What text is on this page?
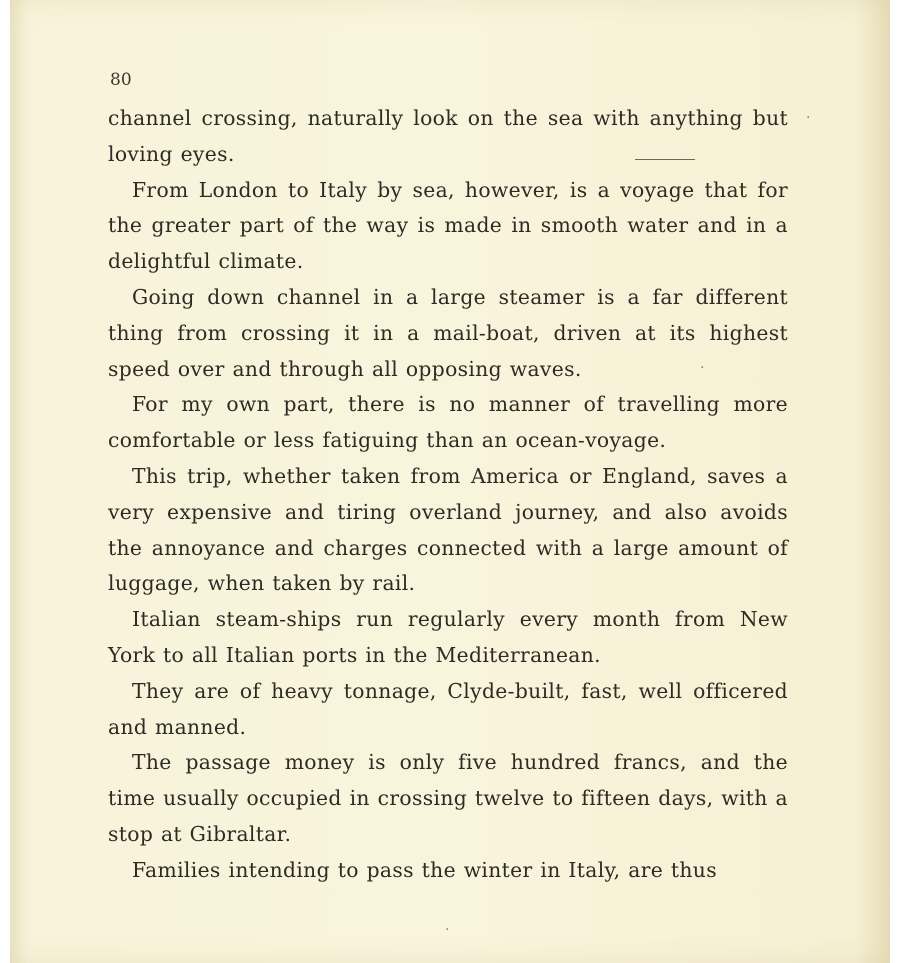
80
·
·
·

channel crossing, naturally look on the sea with anything but loving eyes.

From London to Italy by sea, however, is a voyage that for the greater part of the way is made in smooth water and in a delightful climate.

Going down channel in a large steamer is a far different thing from crossing it in a mail-boat, driven at its highest speed over and through all opposing waves.

For my own part, there is no manner of travelling more comfortable or less fatiguing than an ocean-voyage.

This trip, whether taken from America or England, saves a very expensive and tiring overland journey, and also avoids the annoyance and charges connected with a large amount of luggage, when taken by rail.

Italian steam-ships run regularly every month from New York to all Italian ports in the Mediterranean.

They are of heavy tonnage, Clyde-built, fast, well officered and manned.

The passage money is only five hundred francs, and the time usually occupied in crossing twelve to fifteen days, with a stop at Gibraltar.

Families intending to pass the winter in Italy, are thus
